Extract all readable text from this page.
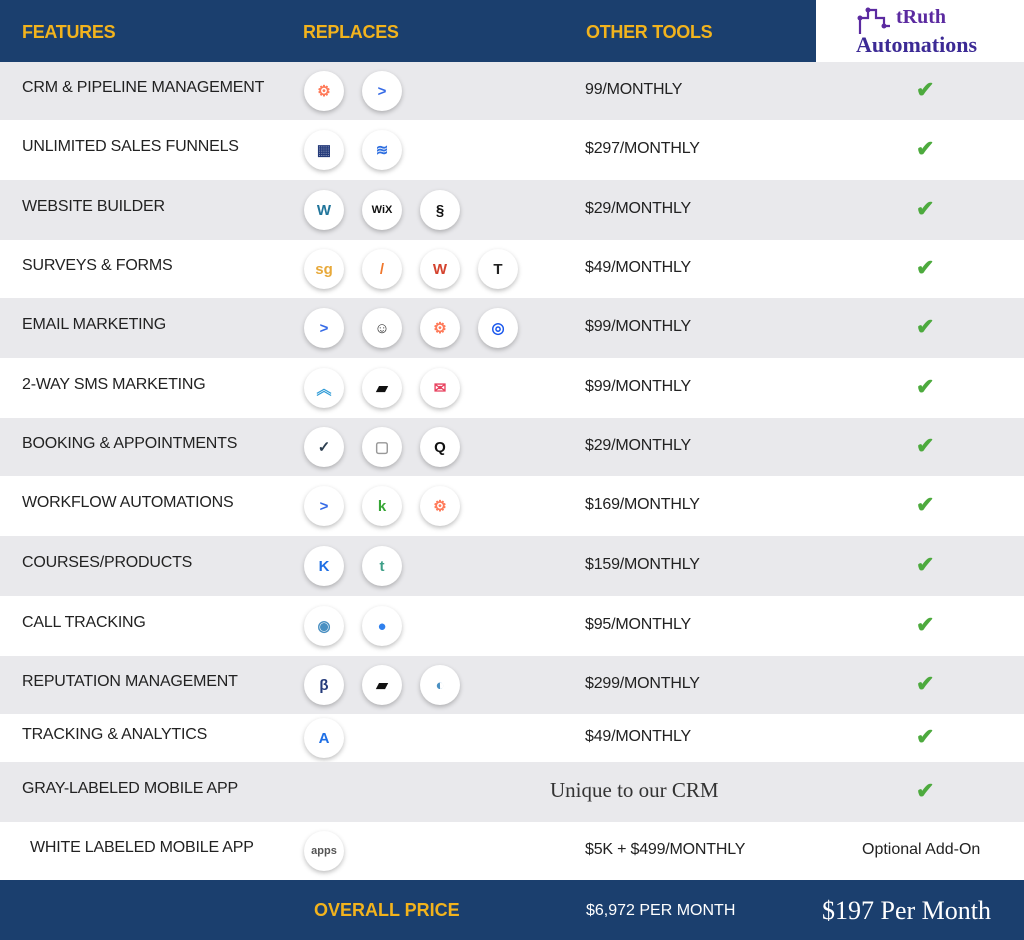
FEATURES	REPLACES	OTHER TOOLS
tRuth
Automations
CRM & PIPELINE MANAGEMENT	⚙	>	99/MONTHLY	✔
UNLIMITED SALES FUNNELS	▦	≋	$297/MONTHLY	✔
WEBSITE BUILDER	W	WiX	§	$29/MONTHLY	✔
SURVEYS & FORMS	sg	/	W	T	$49/MONTHLY	✔
EMAIL MARKETING	>	☺	⚙	◎	$99/MONTHLY	✔
2-WAY SMS MARKETING	︽	▰	✉	$99/MONTHLY	✔
BOOKING & APPOINTMENTS	✓	▢	Q	$29/MONTHLY	✔
WORKFLOW AUTOMATIONS	>	k	⚙	$169/MONTHLY	✔
COURSES/PRODUCTS	K	t	$159/MONTHLY	✔
CALL TRACKING	◉	●	$95/MONTHLY	✔
REPUTATION MANAGEMENT	β	▰	◐	$299/MONTHLY	✔
TRACKING & ANALYTICS	A	$49/MONTHLY	✔
GRAY-LABELED MOBILE APP	Unique to our CRM	✔
WHITE LABELED MOBILE APP	apps	$5K + $499/MONTHLY	Optional Add-On
OVERALL PRICE	$6,972 PER MONTH	$197 Per Month
